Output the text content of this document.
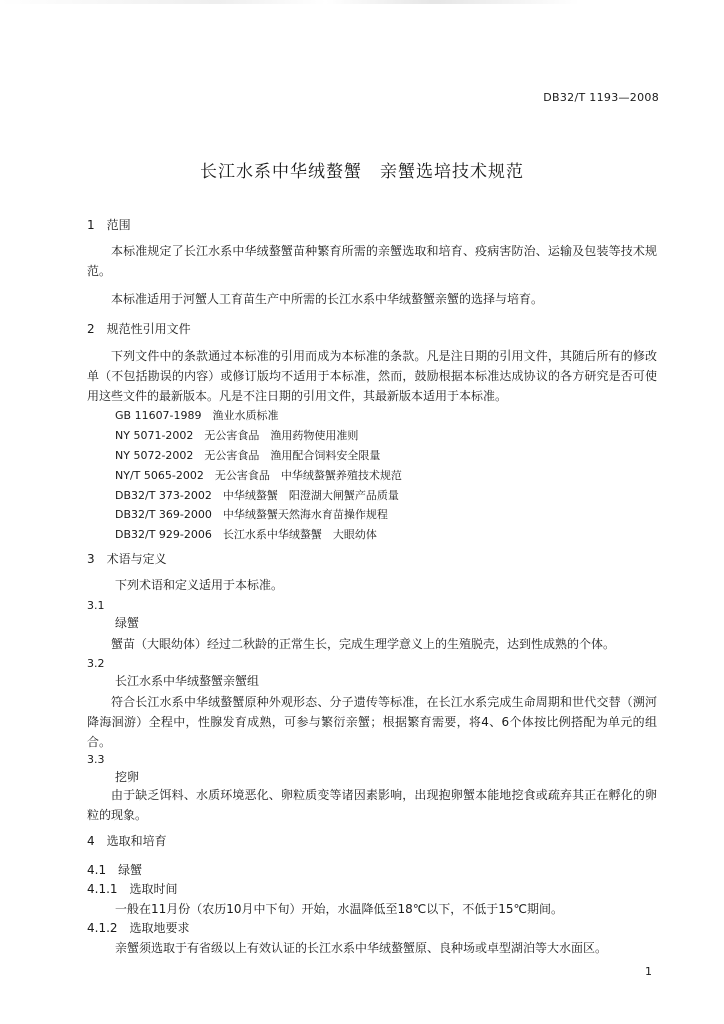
DB32/T 1193—2008
长江水系中华绒螯蟹　亲蟹选培技术规范
1　范围
本标准规定了长江水系中华绒螯蟹苗种繁育所需的亲蟹选取和培育、疫病害防治、运输及包装等技术规范。
本标准适用于河蟹人工育苗生产中所需的长江水系中华绒螯蟹亲蟹的选择与培育。
2　规范性引用文件
下列文件中的条款通过本标准的引用而成为本标准的条款。凡是注日期的引用文件，其随后所有的修改单（不包括勘误的内容）或修订版均不适用于本标准，然而，鼓励根据本标准达成协议的各方研究是否可使用这些文件的最新版本。凡是不注日期的引用文件，其最新版本适用于本标准。
GB 11607-1989　渔业水质标准
NY 5071-2002　无公害食品　渔用药物使用准则
NY 5072-2002　无公害食品　渔用配合饲料安全限量
NY/T 5065-2002　无公害食品　中华绒螯蟹养殖技术规范
DB32/T 373-2002　中华绒螯蟹　阳澄湖大闸蟹产品质量
DB32/T 369-2000　中华绒螯蟹天然海水育苗操作规程
DB32/T 929-2006　长江水系中华绒螯蟹　大眼幼体
3　术语与定义
下列术语和定义适用于本标准。
3.1
绿蟹
蟹苗（大眼幼体）经过二秋龄的正常生长，完成生理学意义上的生殖脱壳，达到性成熟的个体。
3.2
长江水系中华绒螯蟹亲蟹组
符合长江水系中华绒螯蟹原种外观形态、分子遗传等标准，在长江水系完成生命周期和世代交替（溯河降海洄游）全程中，性腺发育成熟，可参与繁衍亲蟹；根据繁育需要，将4、6个体按比例搭配为单元的组合。
3.3
挖卵
由于缺乏饵料、水质环境恶化、卵粒质变等诸因素影响，出现抱卵蟹本能地挖食或疏弃其正在孵化的卵粒的现象。
4　选取和培育
4.1　绿蟹
4.1.1　选取时间
一般在11月份（农历10月中下旬）开始，水温降低至18℃以下，不低于15℃期间。
4.1.2　选取地要求
亲蟹须选取于有省级以上有效认证的长江水系中华绒螯蟹原、良种场或卓型湖泊等大水面区。
1
